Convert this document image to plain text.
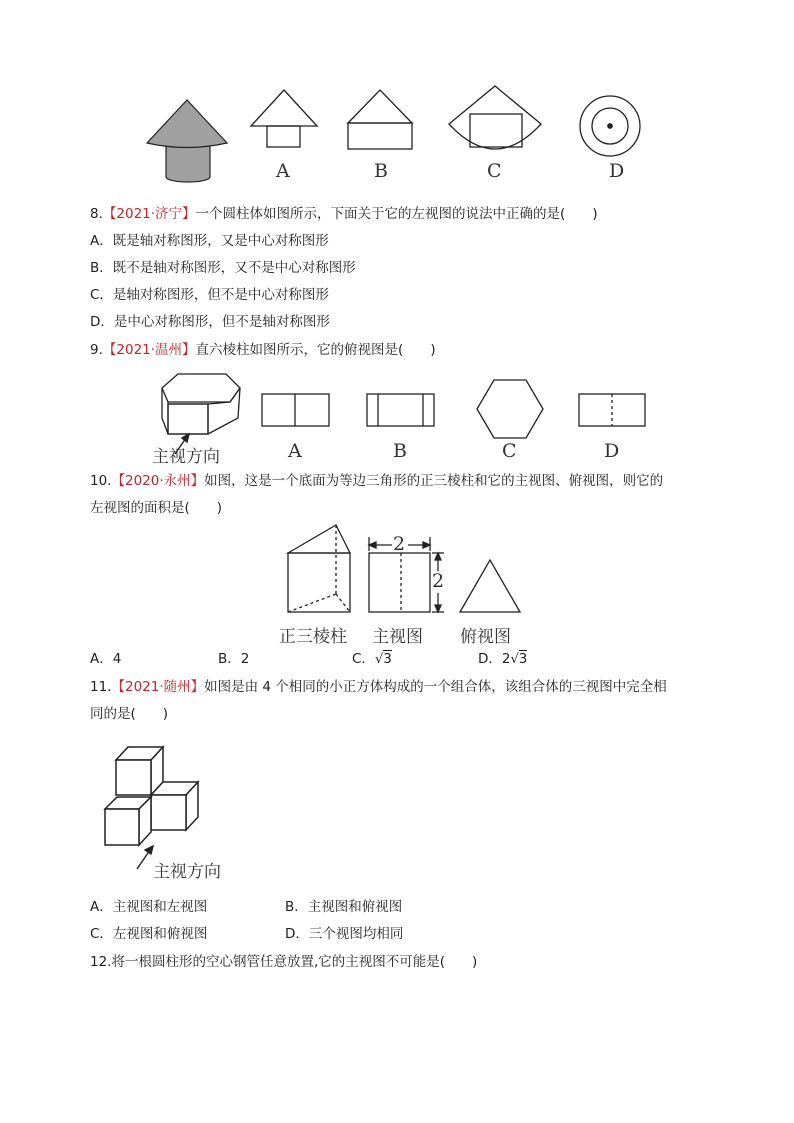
A	B	C	D
8.【2021·济宁】一个圆柱体如图所示，下面关于它的左视图的说法中正确的是(　　)
A．既是轴对称图形，又是中心对称图形
B．既不是轴对称图形，又不是中心对称图形
C．是轴对称图形，但不是中心对称图形
D．是中心对称图形，但不是轴对称图形
9.【2021·温州】直六棱柱如图所示，它的俯视图是(　　)
主视方向	A	B	C	D
10.【2020·永州】如图，这是一个底面为等边三角形的正三棱柱和它的主视图、俯视图，则它的
左视图的面积是(　　)
2
2
正三棱柱 主视图 俯视图
A．4	B．2	C．√3	D．2√3
11.【2021·随州】如图是由 4 个相同的小正方体构成的一个组合体，该组合体的三视图中完全相
同的是(　　)
主视方向
A．主视图和左视图	B．主视图和俯视图
C．左视图和俯视图	D．三个视图均相同
12.将一根圆柱形的空心钢管任意放置,它的主视图不可能是(　　)
